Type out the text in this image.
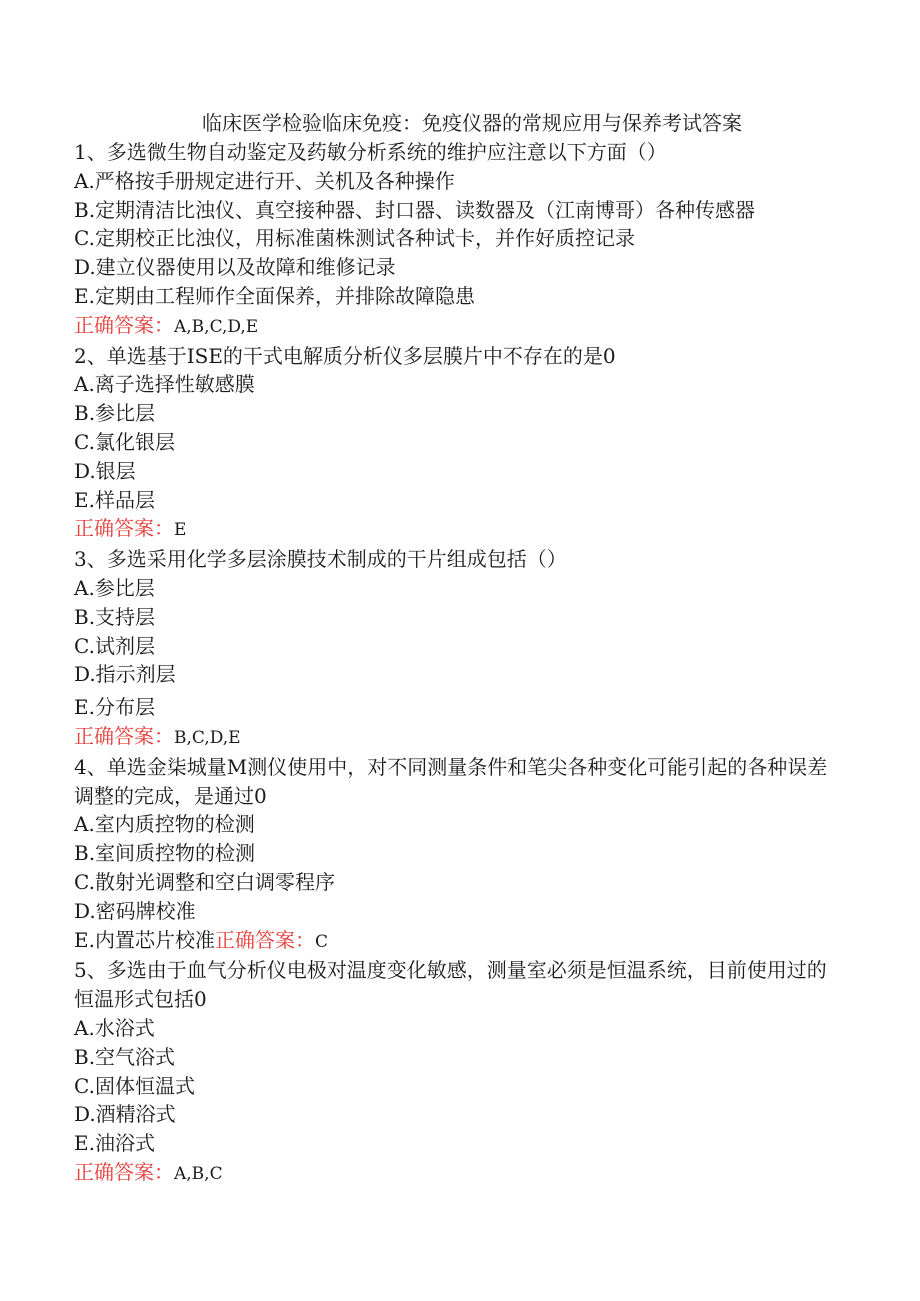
临床医学检验临床免疫：免疫仪器的常规应用与保养考试答案
1、多选微生物自动鉴定及药敏分析系统的维护应注意以下方面（）
A.严格按手册规定进行开、关机及各种操作
B.定期清洁比浊仪、真空接种器、封口器、读数器及（江南博哥）各种传感器
C.定期校正比浊仪，用标准菌株测试各种试卡，并作好质控记录
D.建立仪器使用以及故障和维修记录
E.定期由工程师作全面保养，并排除故障隐患
正确答案：A,B,C,D,E
2、单选基于ISE的干式电解质分析仪多层膜片中不存在的是0
A.离子选择性敏感膜
B.参比层
C.氯化银层
D.银层
E.样品层
正确答案：E
3、多选采用化学多层涂膜技术制成的干片组成包括（）
A.参比层
B.支持层
C.试剂层
D.指示剂层
E.分布层
正确答案：B,C,D,E
4、单选金柒城量M测仪使用中，对不同测量条件和笔尖各种变化可能引起的各种误差调整的完成，是通过0
A.室内质控物的检测
B.室间质控物的检测
C.散射光调整和空白调零程序
D.密码牌校准
E.内置芯片校准正确答案：C
5、多选由于血气分析仪电极对温度变化敏感，测量室必须是恒温系统，目前使用过的恒温形式包括0
A.水浴式
B.空气浴式
C.固体恒温式
D.酒精浴式
E.油浴式
正确答案：A,B,C
